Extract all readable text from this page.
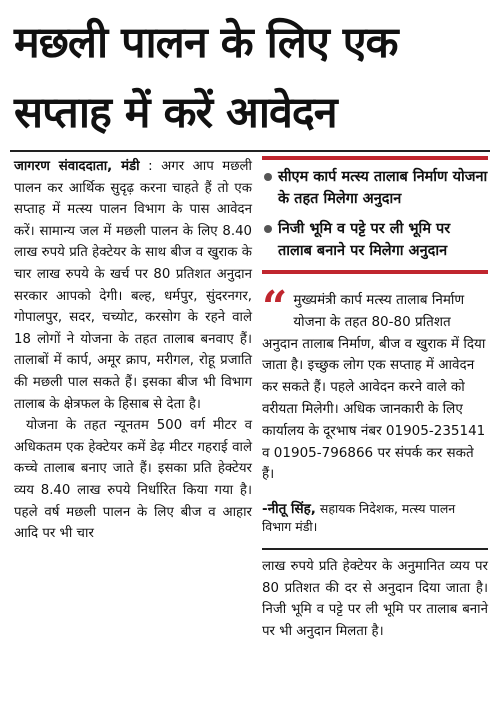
मछली पालन के लिए एक
सप्ताह में करें आवेदन

जागरण संवाददाता, मंडी : अगर आप मछली पालन कर आर्थिक सुदृढ़ करना चाहते हैं तो एक सप्ताह में मत्स्य पालन विभाग के पास आवेदन करें। सामान्य जल में मछली पालन के लिए 8.40 लाख रुपये प्रति हेक्टेयर के साथ बीज व खुराक के चार लाख रुपये के खर्च पर 80 प्रतिशत अनुदान सरकार आपको देगी। बल्ह, धर्मपुर, सुंदरनगर, गोपालपुर, सदर, चच्योट, करसोग के रहने वाले 18 लोगों ने योजना के तहत तालाब बनवाए हैं। तालाबों में कार्प, अमूर क्राप, मरीगल, रोहू प्रजाति की मछली पाल सकते हैं। इसका बीज भी विभाग तालाब के क्षेत्रफल के हिसाब से देता है।

योजना के तहत न्यूनतम 500 वर्ग मीटर व अधिकतम एक हेक्टेयर कमें डेढ़ मीटर गहराई वाले कच्चे तालाब बनाए जाते हैं। इसका प्रति हेक्टेयर व्यय 8.40 लाख रुपये निर्धारित किया गया है। पहले वर्ष मछली पालन के लिए बीज व आहार आदि पर भी चार

सीएम कार्प मत्स्य तालाब निर्माण योजना के तहत मिलेगा अनुदान
निजी भूमि व पट्टे पर ली भूमि पर तालाब बनाने पर मिलेगा अनुदान
“ मुख्यमंत्री कार्प मत्स्य तालाब निर्माण योजना के तहत 80-80 प्रतिशत अनुदान तालाब निर्माण, बीज व खुराक में दिया जाता है। इच्छुक लोग एक सप्ताह में आवेदन कर सकते हैं। पहले आवेदन करने वाले को वरीयता मिलेगी। अधिक जानकारी के लिए कार्यालय के दूरभाष नंबर 01905-235141 व 01905-796866 पर संपर्क कर सकते हैं।
-नीतू सिंह, सहायक निदेशक, मत्स्य पालन विभाग मंडी।

लाख रुपये प्रति हेक्टेयर के अनुमानित व्यय पर 80 प्रतिशत की दर से अनुदान दिया जाता है। निजी भूमि व पट्टे पर ली भूमि पर तालाब बनाने पर भी अनुदान मिलता है।
